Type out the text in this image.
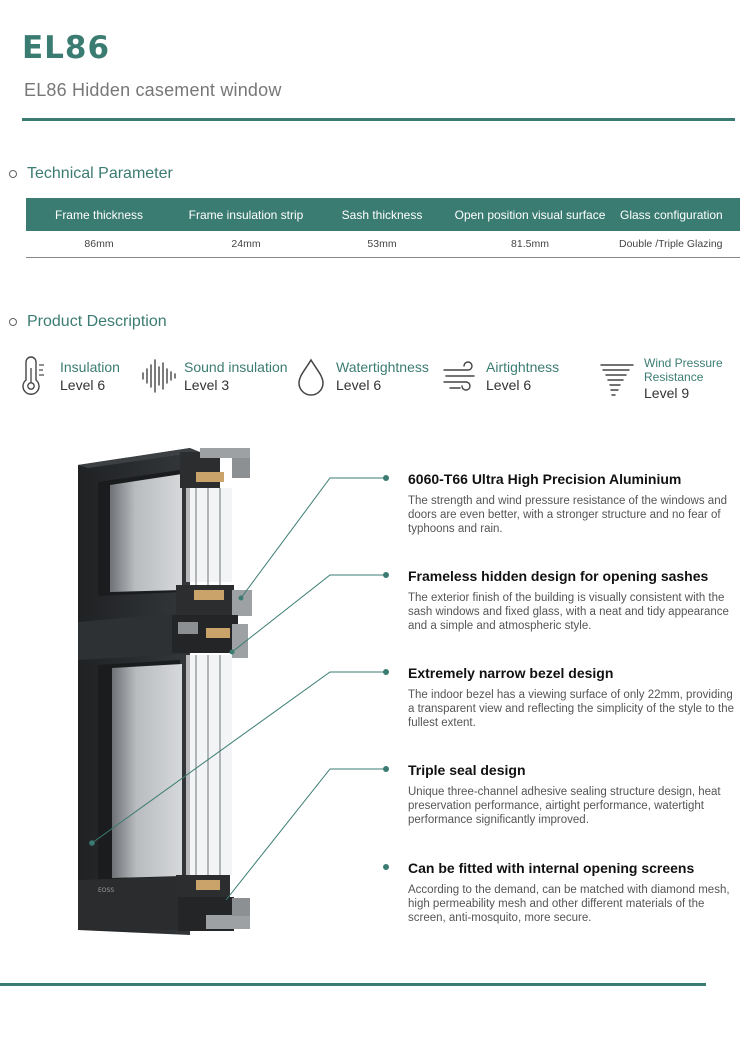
EL86
EL86 Hidden casement window
Technical Parameter
Frame thickness	Frame insulation strip	Sash thickness	Open position visual surface	Glass configuration
86mm	24mm	53mm	81.5mm	Double /Triple Glazing
Product Description
Insulation
Level 6
Sound insulation
Level 3
Watertightness
Level 6
Airtightness
Level 6
Wind Pressure Resistance
Level 9
EOSS
6060-T66 Ultra High Precision Aluminium
The strength and wind pressure resistance of the windows and doors are even better, with a stronger structure and no fear of typhoons and rain.
Frameless hidden design for opening sashes
The exterior finish of the building is visually consistent with the sash windows and fixed glass, with a neat and tidy appearance and a simple and atmospheric style.
Extremely narrow bezel design
The indoor bezel has a viewing surface of only 22mm, providing a transparent view and reflecting the simplicity of the style to the fullest extent.
Triple seal design
Unique three-channel adhesive sealing structure design, heat preservation performance, airtight performance, watertight performance significantly improved.
Can be fitted with internal opening screens
According to the demand, can be matched with diamond mesh, high permeability mesh and other different materials of the screen, anti-mosquito, more secure.
